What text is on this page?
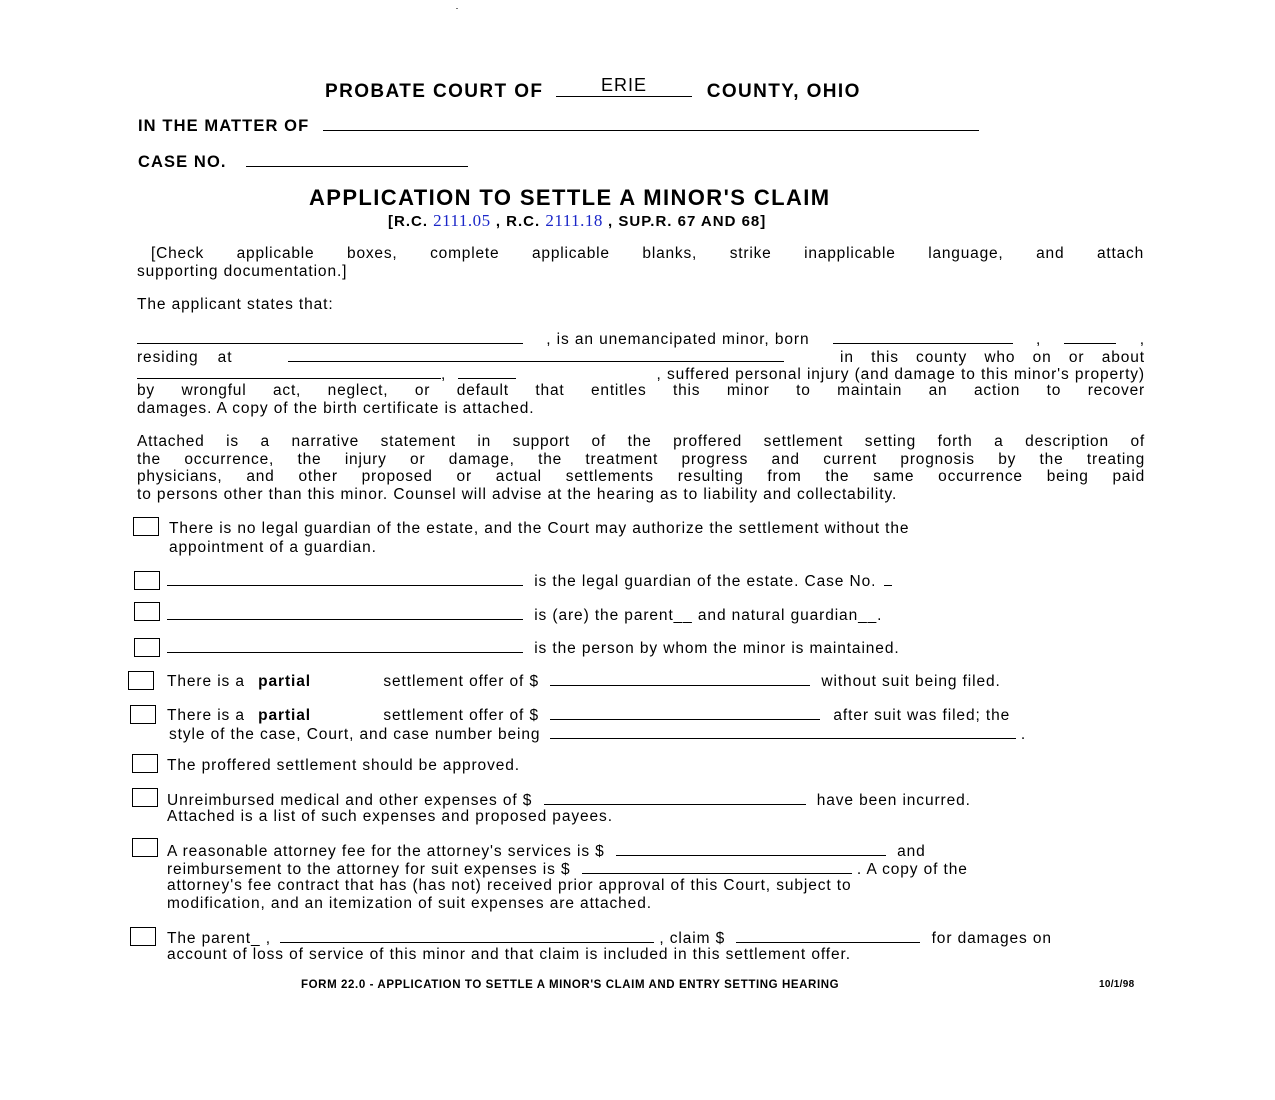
PROBATE COURT OF	ERIE	COUNTY, OHIO
IN THE MATTER OF
CASE NO.
APPLICATION TO SETTLE A MINOR'S CLAIM
[R.C. 2111.05 , R.C. 2111.18 , SUP.R. 67 AND 68]
[Check applicable boxes, complete applicable blanks, strike inapplicable language, and attach
supporting documentation.]
The applicant states that:
, is an unemancipated minor, born	,	,
residing at	in this county who on or about
,	, suffered personal injury (and damage to this minor's property)
by wrongful act, neglect, or default that entitles this minor to maintain an action to recover
damages. A copy of the birth certificate is attached.
Attached is a narrative statement in support of the proffered settlement setting forth a description of
the occurrence, the injury or damage, the treatment progress and current prognosis by the treating
physicians, and other proposed or actual settlements resulting from the same occurrence being paid
to persons other than this minor. Counsel will advise at the hearing as to liability and collectability.
There is no legal guardian of the estate, and the Court may authorize the settlement without the
appointment of a guardian.
is the legal guardian of the estate. Case No.
is (are) the parent__ and natural guardian__.
is the person by whom the minor is maintained.
There is a partial	settlement offer of $	without suit being filed.
There is a partial	settlement offer of $	after suit was filed; the
style of the case, Court, and case number being	.
The proffered settlement should be approved.
Unreimbursed medical and other expenses of $	have been incurred.
Attached is a list of such expenses and proposed payees.
A reasonable attorney fee for the attorney's services is $	and
reimbursement to the attorney for suit expenses is $	. A copy of the
attorney's fee contract that has (has not) received prior approval of this Court, subject to
modification, and an itemization of suit expenses are attached.
The parent_ ,	, claim $	for damages on
account of loss of service of this minor and that claim is included in this settlement offer.
FORM 22.0 - APPLICATION TO SETTLE A MINOR'S CLAIM AND ENTRY SETTING HEARING	10/1/98
